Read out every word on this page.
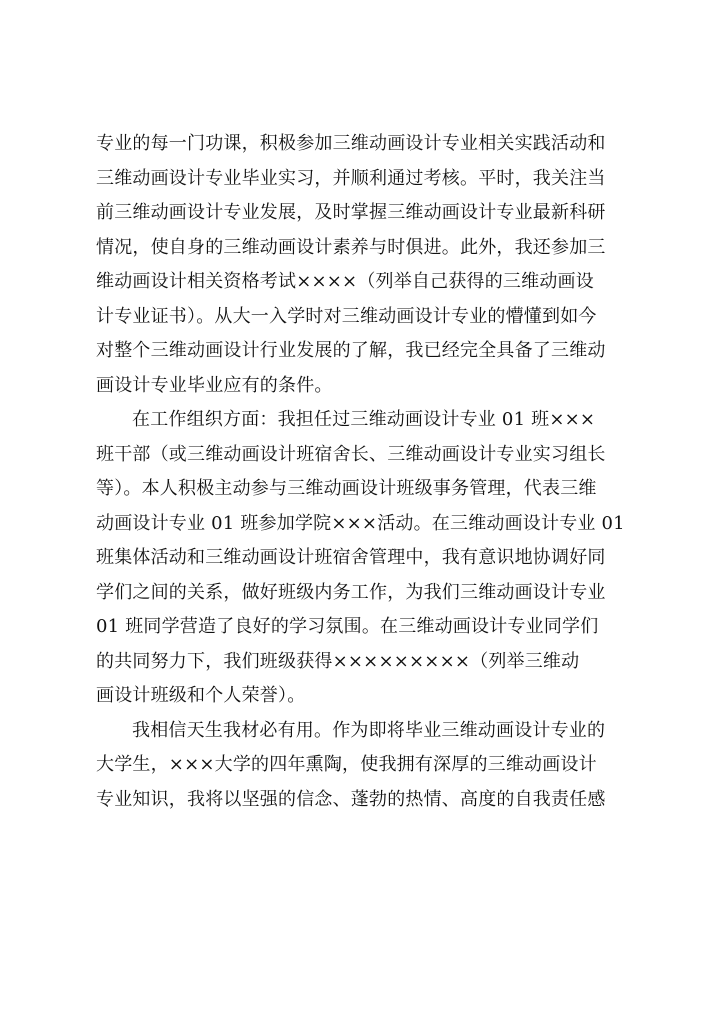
专业的每一门功课，积极参加三维动画设计专业相关实践活动和
三维动画设计专业毕业实习，并顺利通过考核。平时，我关注当
前三维动画设计专业发展，及时掌握三维动画设计专业最新科研
情况，使自身的三维动画设计素养与时俱进。此外，我还参加三
维动画设计相关资格考试××××（列举自己获得的三维动画设
计专业证书）。从大一入学时对三维动画设计专业的懵懂到如今
对整个三维动画设计行业发展的了解，我已经完全具备了三维动
画设计专业毕业应有的条件。
在工作组织方面：我担任过三维动画设计专业 01 班×××
班干部（或三维动画设计班宿舍长、三维动画设计专业实习组长
等）。本人积极主动参与三维动画设计班级事务管理，代表三维
动画设计专业 01 班参加学院×××活动。在三维动画设计专业 01
班集体活动和三维动画设计班宿舍管理中，我有意识地协调好同
学们之间的关系，做好班级内务工作，为我们三维动画设计专业
01 班同学营造了良好的学习氛围。在三维动画设计专业同学们
的共同努力下，我们班级获得×××××××××（列举三维动
画设计班级和个人荣誉）。
我相信天生我材必有用。作为即将毕业三维动画设计专业的
大学生，×××大学的四年熏陶，使我拥有深厚的三维动画设计
专业知识，我将以坚强的信念、蓬勃的热情、高度的自我责任感
